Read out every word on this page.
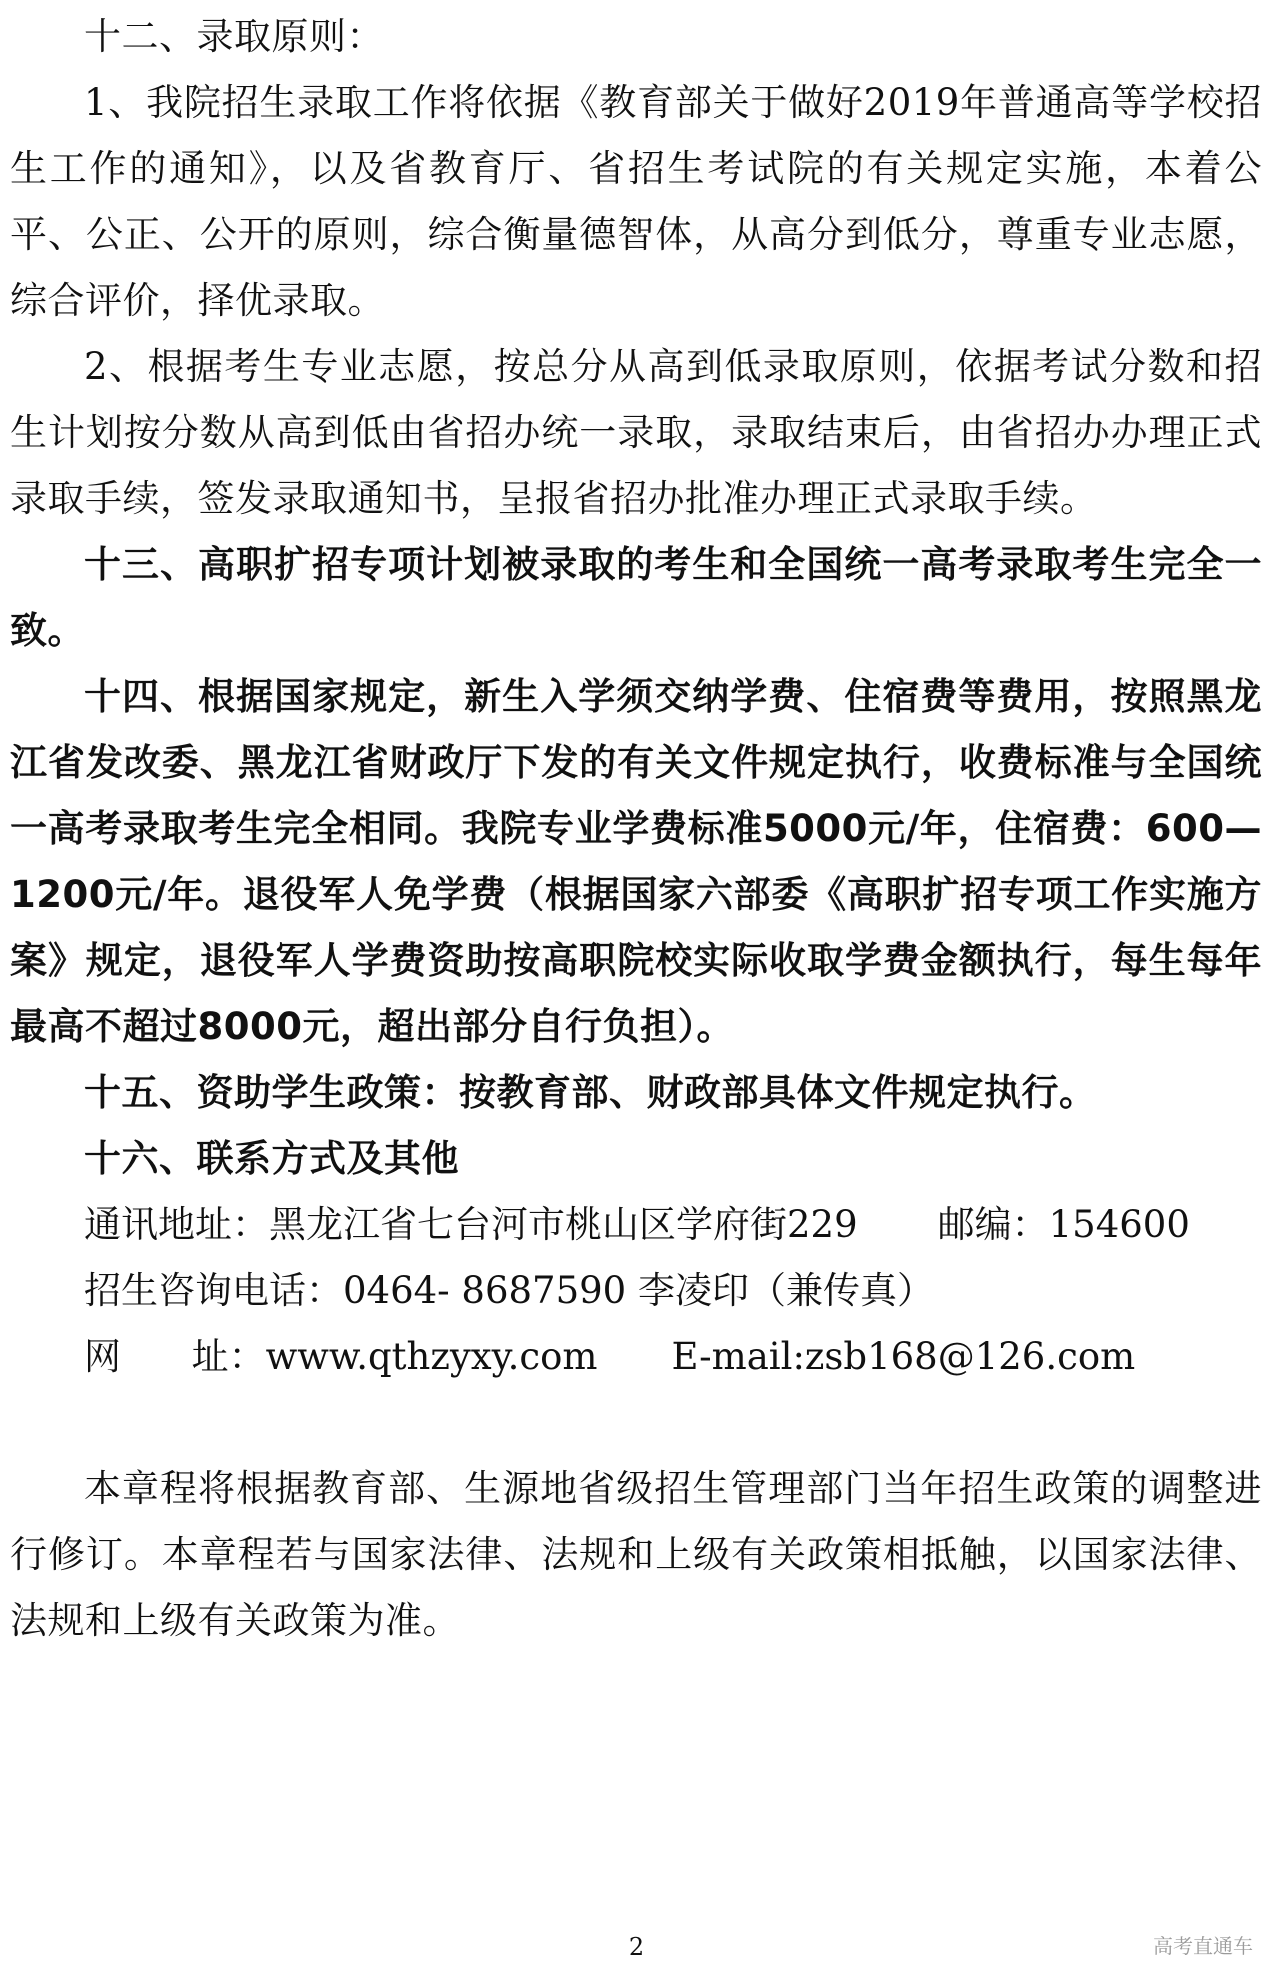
十二、录取原则：

1、我院招生录取工作将依据《教育部关于做好2019年普通高等学校招生工作的通知》，以及省教育厅、省招生考试院的有关规定实施，本着公平、公正、公开的原则，综合衡量德智体，从高分到低分，尊重专业志愿，综合评价，择优录取。

2、根据考生专业志愿，按总分从高到低录取原则，依据考试分数和招生计划按分数从高到低由省招办统一录取，录取结束后，由省招办办理正式录取手续，签发录取通知书，呈报省招办批准办理正式录取手续。

十三、高职扩招专项计划被录取的考生和全国统一高考录取考生完全一致。

十四、根据国家规定，新生入学须交纳学费、住宿费等费用，按照黑龙江省发改委、黑龙江省财政厅下发的有关文件规定执行，收费标准与全国统一高考录取考生完全相同。我院专业学费标准5000元/年，住宿费：600—1200元/年。退役军人免学费（根据国家六部委《高职扩招专项工作实施方案》规定，退役军人学费资助按高职院校实际收取学费金额执行，每生每年最高不超过8000元，超出部分自行负担）。

十五、资助学生政策：按教育部、财政部具体文件规定执行。

十六、联系方式及其他

通讯地址：黑龙江省七台河市桃山区学府街229 邮编：154600

招生咨询电话：0464- 8687590 李凌印（兼传真）

网      址：www.qthzyxy.com E-mail:zsb168@126.com

本章程将根据教育部、生源地省级招生管理部门当年招生政策的调整进行修订。本章程若与国家法律、法规和上级有关政策相抵触，以国家法律、法规和上级有关政策为准。

2	高考直通车
